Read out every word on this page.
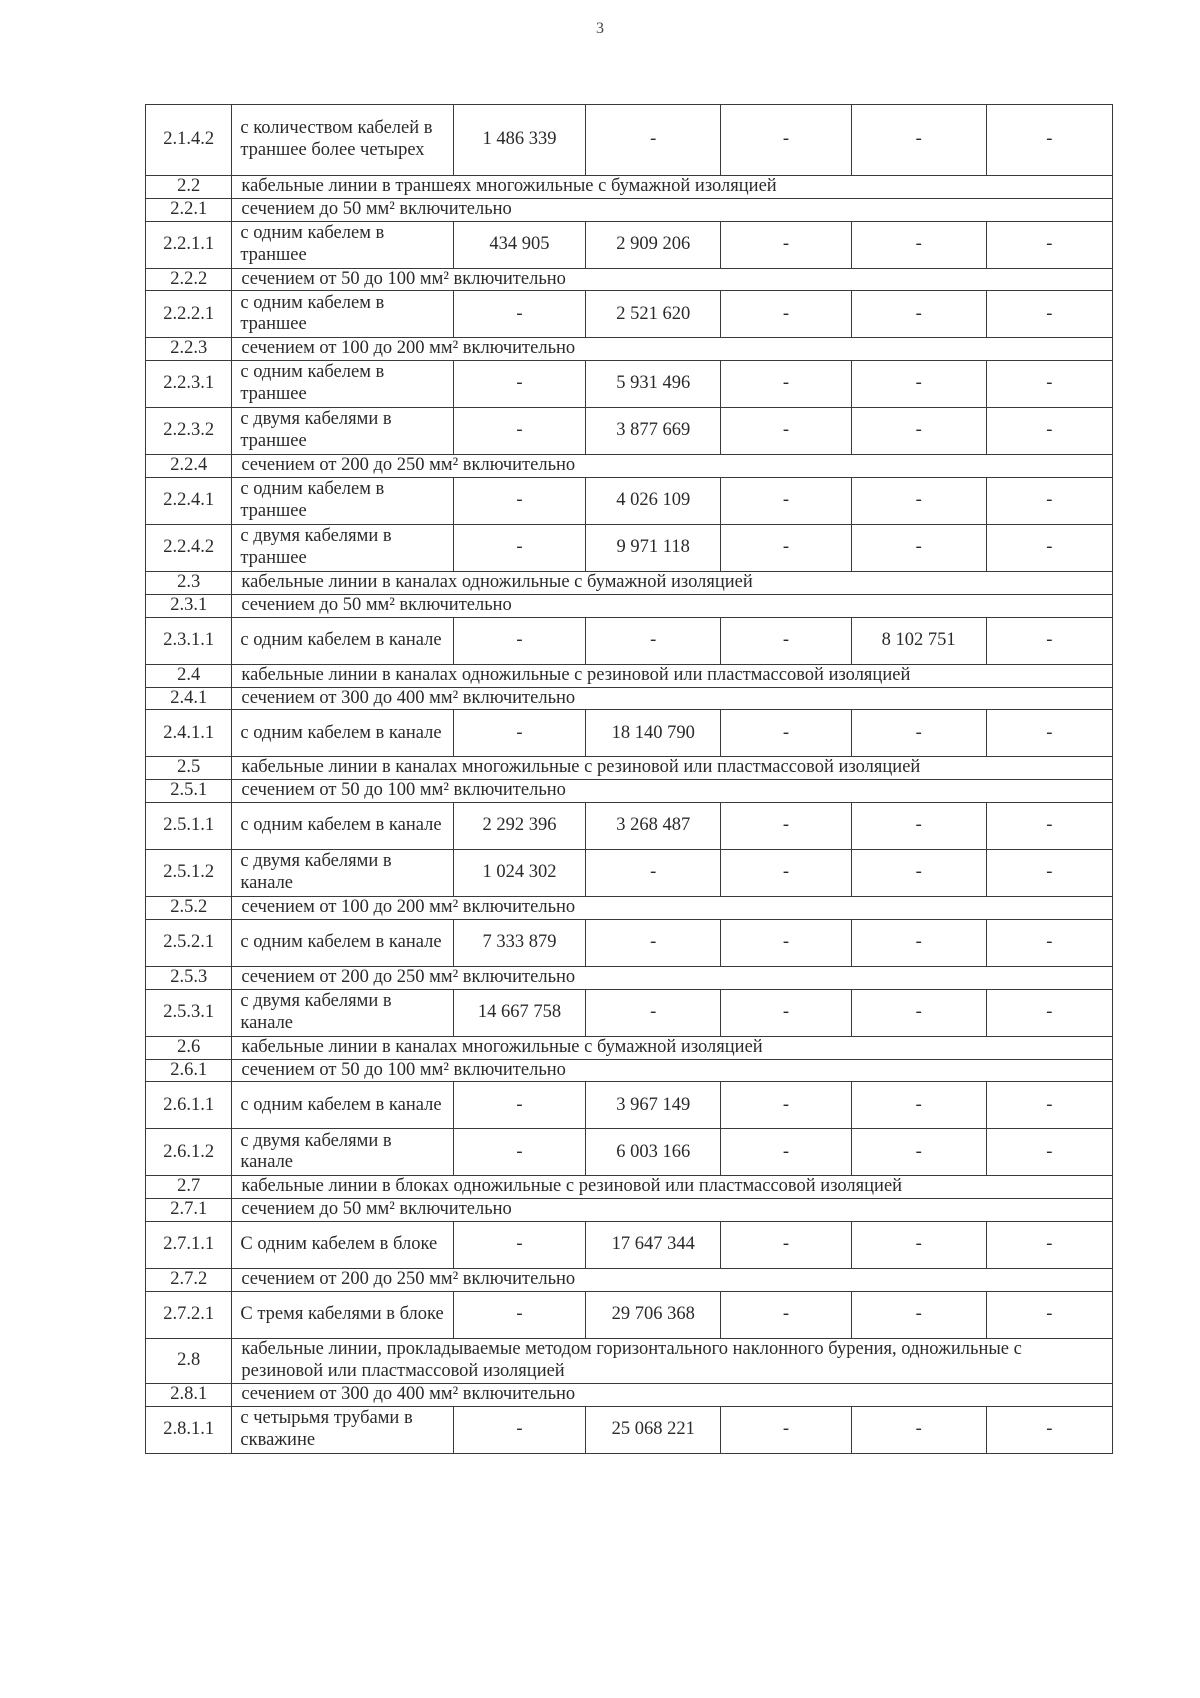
3
2.1.4.2	с количеством кабелей в траншее более четырех	1 486 339	-	-	-	-
2.2	кабельные линии в траншеях многожильные с бумажной изоляцией					
2.2.1	сечением до 50 мм² включительно					
2.2.1.1	с одним кабелем в траншее	434 905	2 909 206	-	-	-
2.2.2	сечением от 50 до 100 мм² включительно					
2.2.2.1	с одним кабелем в траншее	-	2 521 620	-	-	-
2.2.3	сечением от 100 до 200 мм² включительно					
2.2.3.1	с одним кабелем в траншее	-	5 931 496	-	-	-
2.2.3.2	с двумя кабелями в траншее	-	3 877 669	-	-	-
2.2.4	сечением от 200 до 250 мм² включительно					
2.2.4.1	с одним кабелем в траншее	-	4 026 109	-	-	-
2.2.4.2	с двумя кабелями в траншее	-	9 971 118	-	-	-
2.3	кабельные линии в каналах одножильные с бумажной изоляцией					
2.3.1	сечением до 50 мм² включительно					
2.3.1.1	с одним кабелем в канале	-	-	-	8 102 751	-
2.4	кабельные линии в каналах одножильные с резиновой или пластмассовой изоляцией					
2.4.1	сечением от 300 до 400 мм² включительно					
2.4.1.1	с одним кабелем в канале	-	18 140 790	-	-	-
2.5	кабельные линии в каналах многожильные с резиновой или пластмассовой изоляцией					
2.5.1	сечением от 50 до 100 мм² включительно					
2.5.1.1	с одним кабелем в канале	2 292 396	3 268 487	-	-	-
2.5.1.2	с двумя кабелями в канале	1 024 302	-	-	-	-
2.5.2	сечением от 100 до 200 мм² включительно					
2.5.2.1	с одним кабелем в канале	7 333 879	-	-	-	-
2.5.3	сечением от 200 до 250 мм² включительно					
2.5.3.1	с двумя кабелями в канале	14 667 758	-	-	-	-
2.6	кабельные линии в каналах многожильные с бумажной изоляцией					
2.6.1	сечением от 50 до 100 мм² включительно					
2.6.1.1	с одним кабелем в канале	-	3 967 149	-	-	-
2.6.1.2	с двумя кабелями в канале	-	6 003 166	-	-	-
2.7	кабельные линии в блоках одножильные с резиновой или пластмассовой изоляцией					
2.7.1	сечением до 50 мм² включительно					
2.7.1.1	С одним кабелем в блоке	-	17 647 344	-	-	-
2.7.2	сечением от 200 до 250 мм² включительно					
2.7.2.1	С тремя кабелями в блоке	-	29 706 368	-	-	-
2.8	кабельные линии, прокладываемые методом горизонтального наклонного бурения, одножильные с резиновой или пластмассовой изоляцией					
2.8.1	сечением от 300 до 400 мм² включительно					
2.8.1.1	с четырьмя трубами в скважине	-	25 068 221	-	-	-
